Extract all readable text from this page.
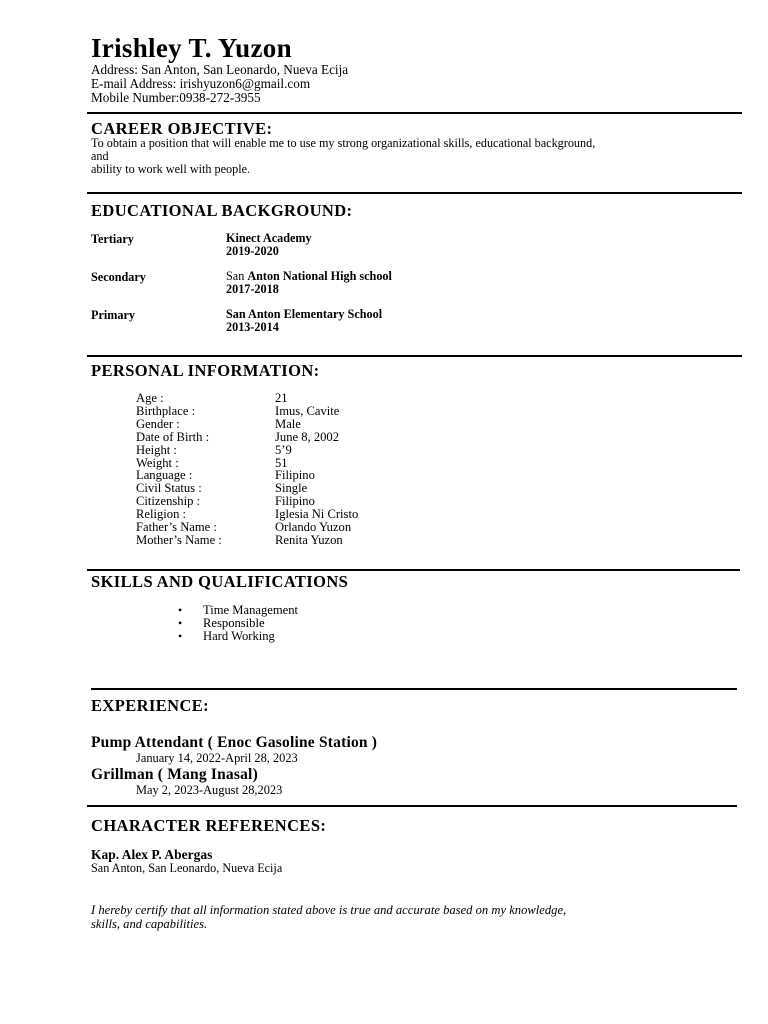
Irishley T. Yuzon
Address: San Anton, San Leonardo, Nueva Ecija
E-mail Address: irishyuzon6@gmail.com
Mobile Number:0938-272-3955
CAREER OBJECTIVE:
To obtain a position that will enable me to use my strong organizational skills, educational background,
and
ability to work well with people.
EDUCATIONAL BACKGROUND:
Tertiary	Kinect Academy
2019-2020
Secondary	San Anton National High school
2017-2018
Primary	San Anton Elementary School
2013-2014
PERSONAL INFORMATION:
Age :	21
Birthplace :	Imus, Cavite
Gender :	Male
Date of Birth :	June 8, 2002
Height :	5’9
Weight :	51
Language :	Filipino
Civil Status :	Single
Citizenship :	Filipino
Religion :	Iglesia Ni Cristo
Father’s Name :	Orlando Yuzon
Mother’s Name :	Renita Yuzon
SKILLS AND QUALIFICATIONS
• Time Management
• Responsible
• Hard Working
EXPERIENCE:
Pump Attendant ( Enoc Gasoline Station )
January 14, 2022-April 28, 2023
Grillman ( Mang Inasal)
May 2, 2023-August 28,2023
CHARACTER REFERENCES:
Kap. Alex P. Abergas
San Anton, San Leonardo, Nueva Ecija
I hereby certify that all information stated above is true and accurate based on my knowledge,
skills, and capabilities.
